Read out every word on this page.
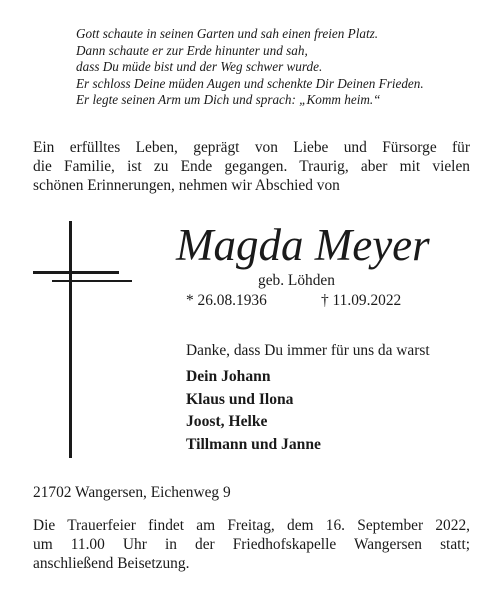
Gott schaute in seinen Garten und sah einen freien Platz.
Dann schaute er zur Erde hinunter und sah,
dass Du müde bist und der Weg schwer wurde.
Er schloss Deine müden Augen und schenkte Dir Deinen Frieden.
Er legte seinen Arm um Dich und sprach: „Komm heim.“
Ein erfülltes Leben, geprägt von Liebe und Fürsorge für
die Familie, ist zu Ende gegangen. Traurig, aber mit vielen
schönen Erinnerungen, nehmen wir Abschied von
Magda Meyer
geb. Löhden
* 26.08.1936	† 11.09.2022
Danke, dass Du immer für uns da warst
Dein Johann
Klaus und Ilona
Joost, Helke
Tillmann und Janne
21702 Wangersen, Eichenweg 9
Die Trauerfeier findet am Freitag, dem 16. September 2022,
um 11.00 Uhr in der Friedhofskapelle Wangersen statt;
anschließend Beisetzung.
